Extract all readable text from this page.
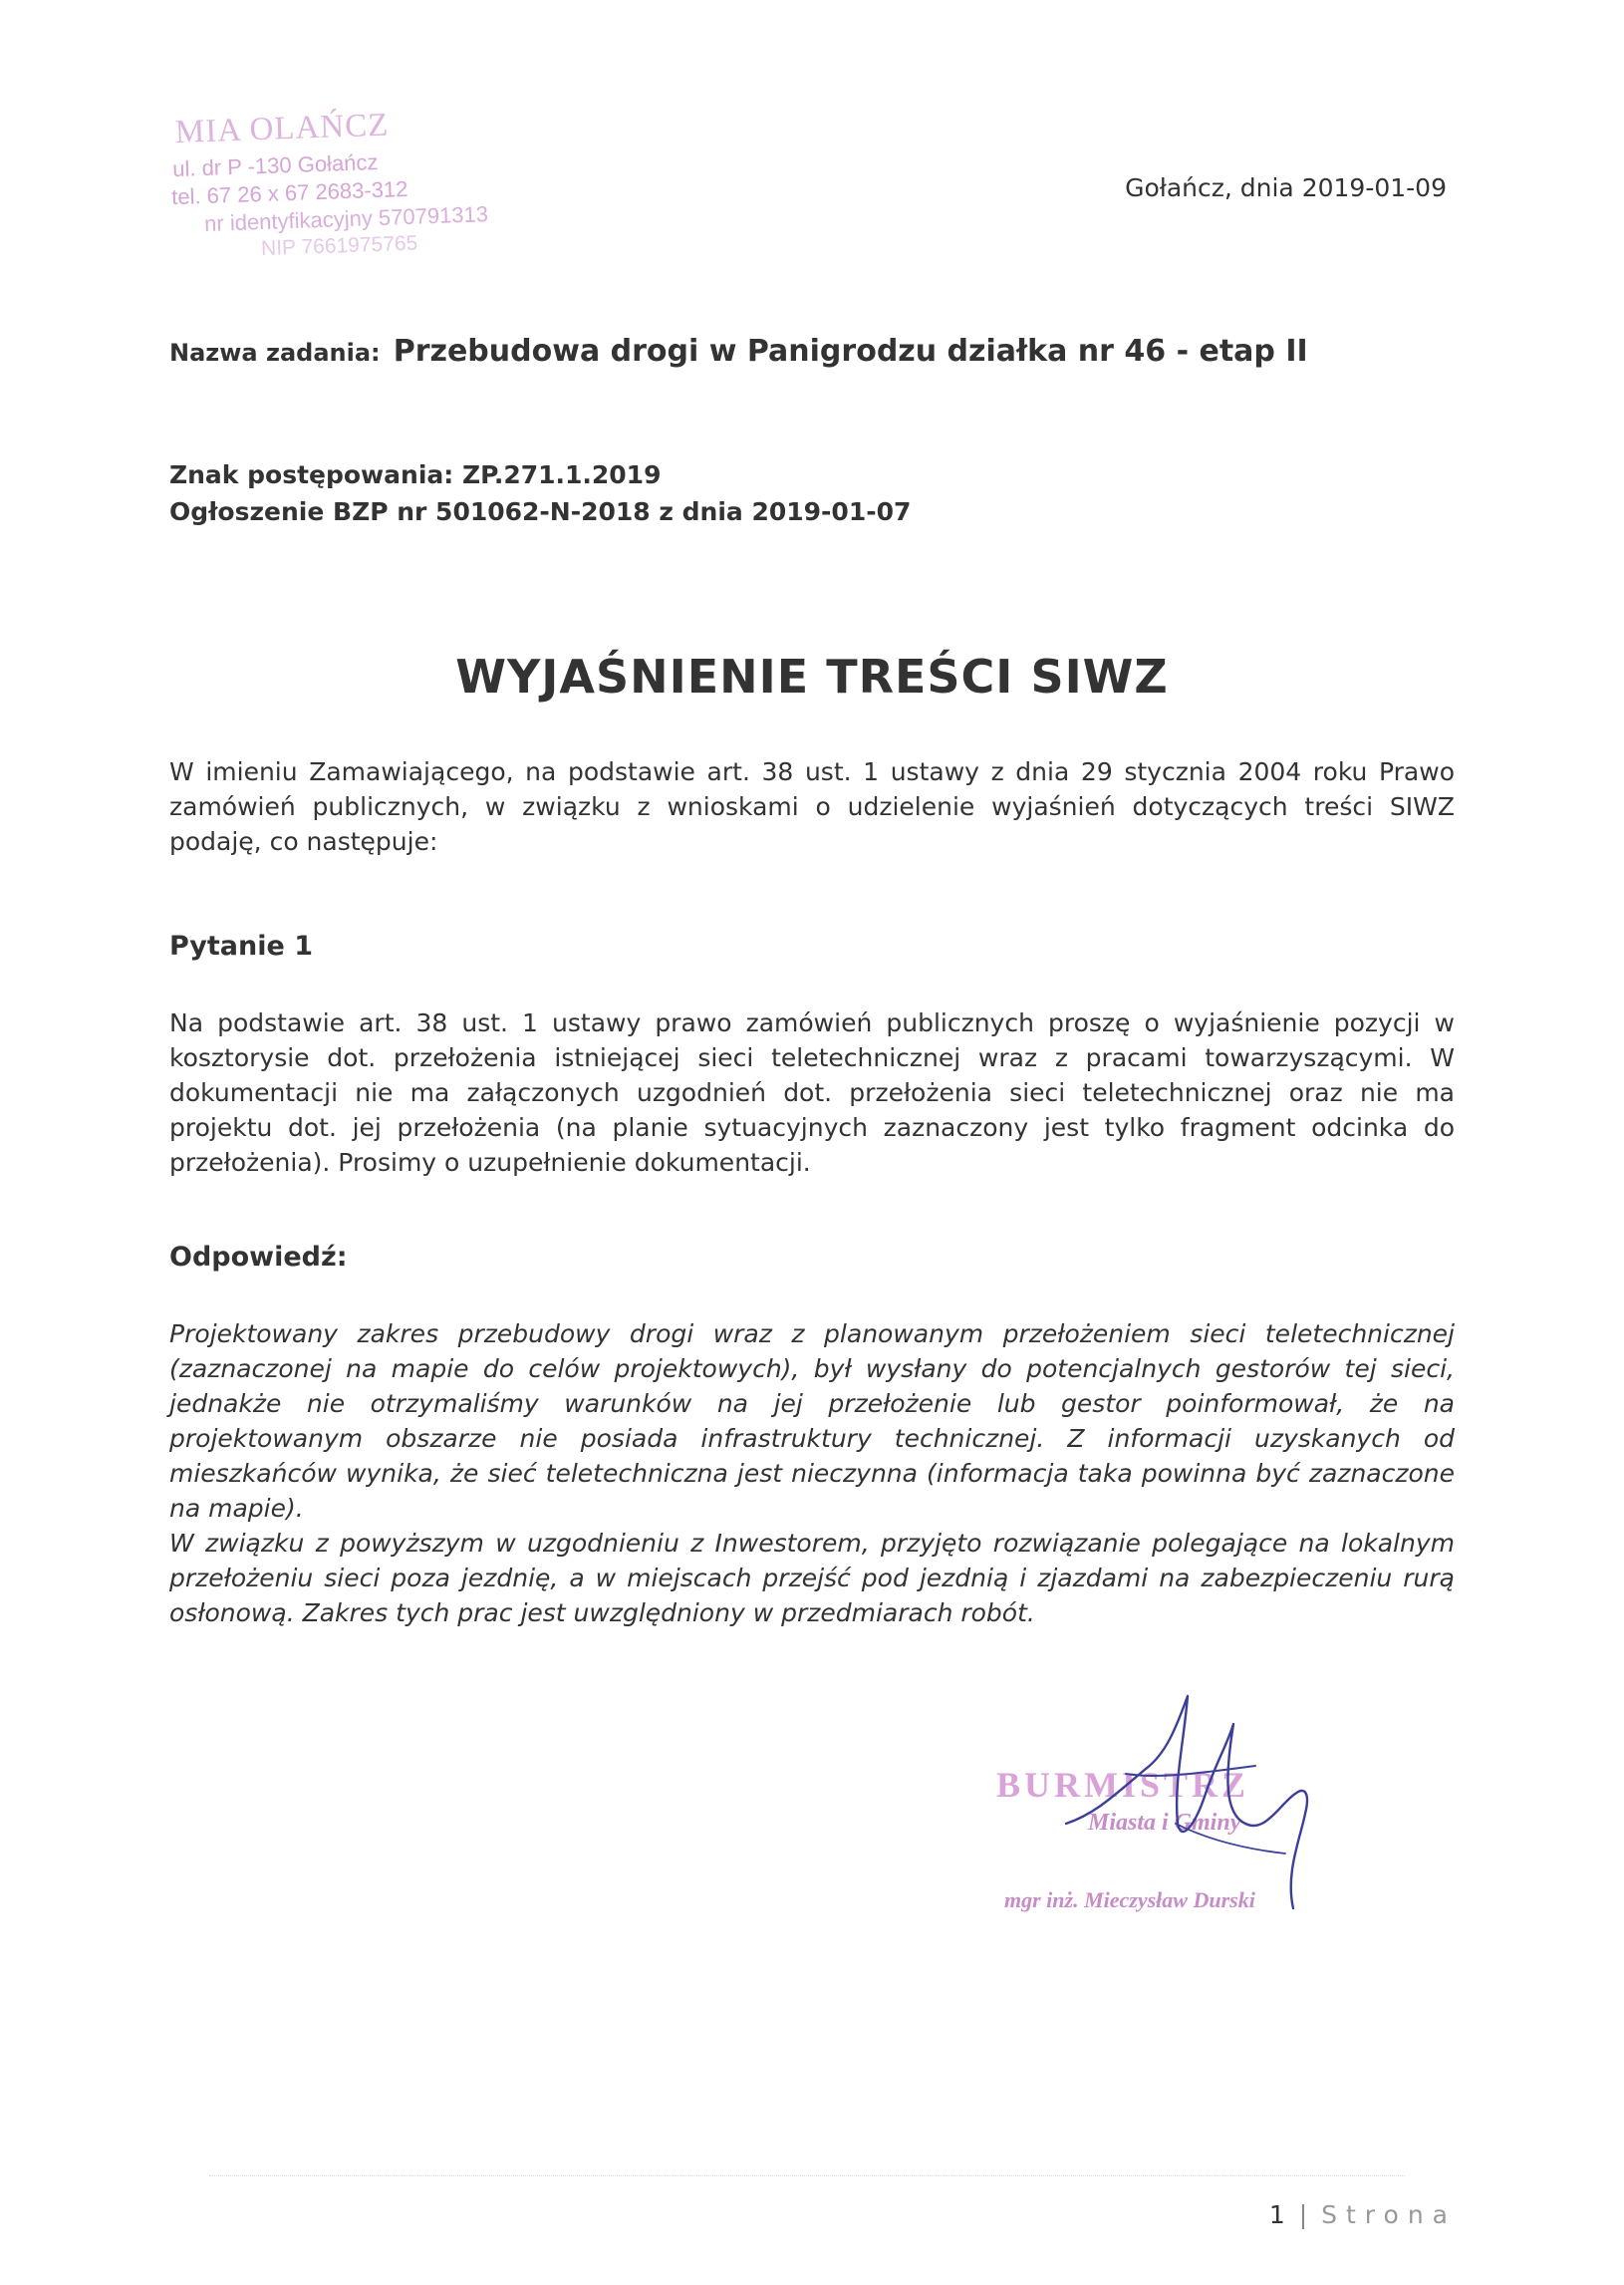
MIA OLAŃCZ
ul. dr P -130 Gołańcz
tel. 67 26 x 67 2683-312
nr identyfikacyjny 570791313
NIP 7661975765
Gołańcz, dnia 2019-01-09
Nazwa zadania: Przebudowa drogi w Panigrodzu działka nr 46 - etap II
Znak postępowania: ZP.271.1.2019
Ogłoszenie BZP nr 501062-N-2018 z dnia 2019-01-07
WYJAŚNIENIE TREŚCI SIWZ
W imieniu Zamawiającego, na podstawie art. 38 ust. 1 ustawy z dnia 29 stycznia 2004 roku Prawo zamówień publicznych, w związku z wnioskami o udzielenie wyjaśnień dotyczących treści SIWZ podaję, co następuje:
Pytanie 1
Na podstawie art. 38 ust. 1 ustawy prawo zamówień publicznych proszę o wyjaśnienie pozycji w kosztorysie dot. przełożenia istniejącej sieci teletechnicznej wraz z pracami towarzyszącymi. W dokumentacji nie ma załączonych uzgodnień dot. przełożenia sieci teletechnicznej oraz nie ma projektu dot. jej przełożenia (na planie sytuacyjnych zaznaczony jest tylko fragment odcinka do przełożenia). Prosimy o uzupełnienie dokumentacji.
Odpowiedź:

Projektowany zakres przebudowy drogi wraz z planowanym przełożeniem sieci teletechnicznej (zaznaczonej na mapie do celów projektowych), był wysłany do potencjalnych gestorów tej sieci, jednakże nie otrzymaliśmy warunków na jej przełożenie lub gestor poinformował, że na projektowanym obszarze nie posiada infrastruktury technicznej. Z informacji uzyskanych od mieszkańców wynika, że sieć teletechniczna jest nieczynna (informacja taka powinna być zaznaczone na mapie).

W związku z powyższym w uzgodnieniu z Inwestorem, przyjęto rozwiązanie polegające na lokalnym przełożeniu sieci poza jezdnię, a w miejscach przejść pod jezdnią i zjazdami na zabezpieczeniu rurą osłonową. Zakres tych prac jest uwzględniony w przedmiarach robót.

BURMISTRZ
Miasta i Gminy
mgr inż. Mieczysław Durski
1 | Strona
